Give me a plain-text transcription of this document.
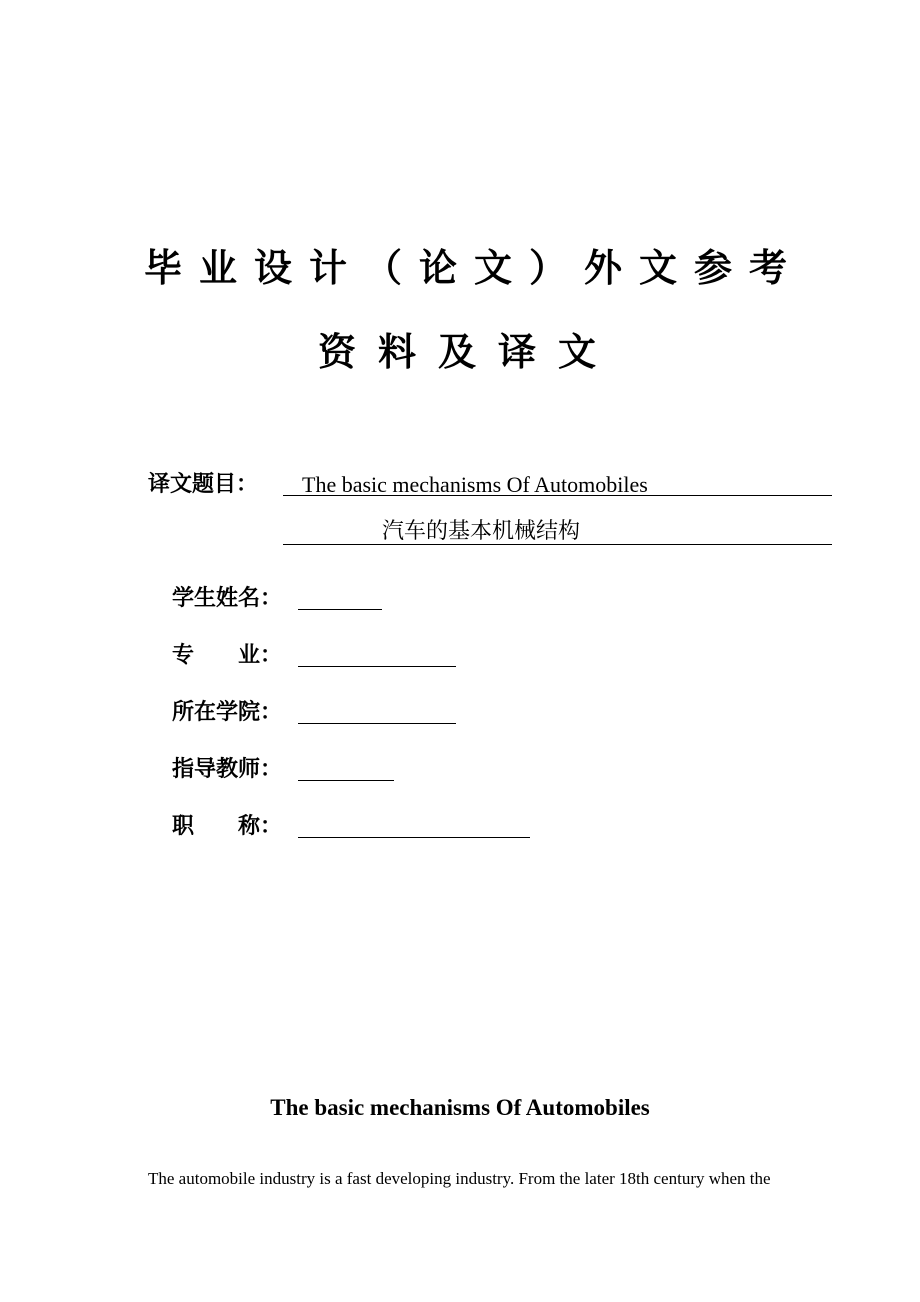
毕业设计（论文）外文参考
资料及译文
译文题目： The basic mechanisms Of Automobiles
汽车的基本机械结构
学生姓名：
专　　业：
所在学院：
指导教师：
职　　称：
The basic mechanisms Of Automobiles
The automobile industry is a fast developing industry. From the later 18th century when the
